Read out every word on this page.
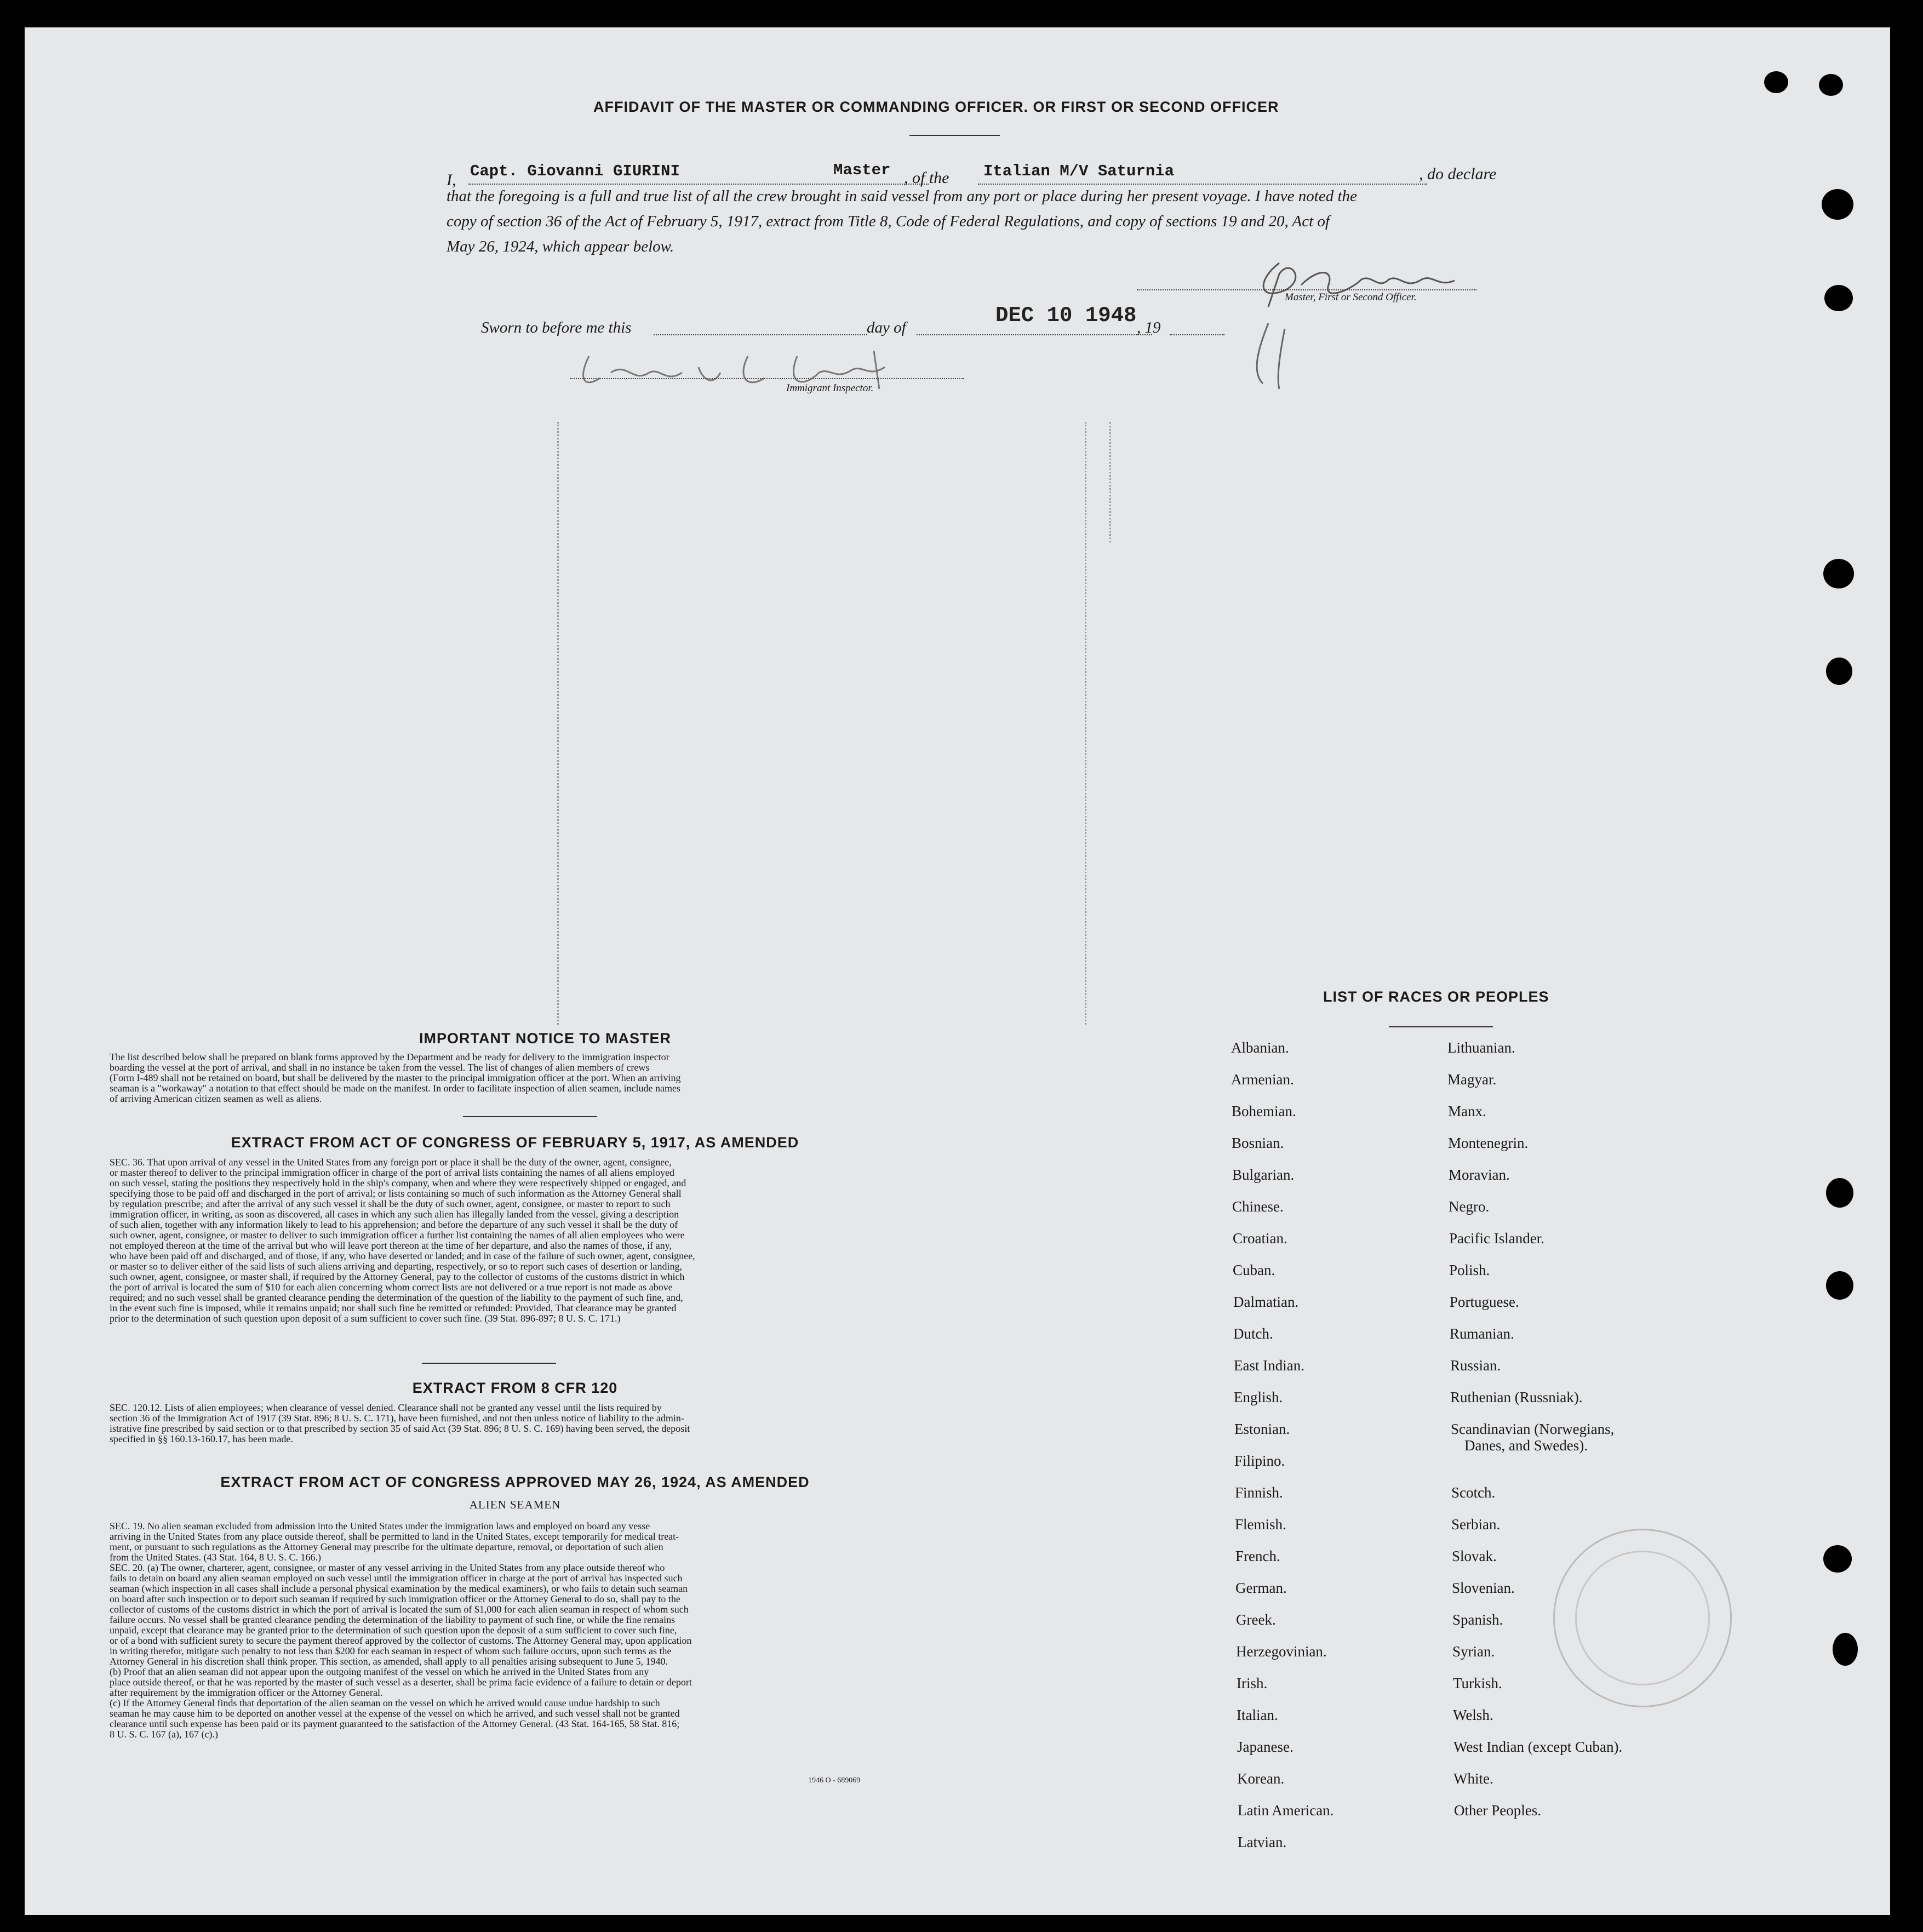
AFFIDAVIT OF THE MASTER OR COMMANDING OFFICER. OR FIRST OR SECOND OFFICER
I, Capt. Giovanni GIURINI	Master , of the Italian M/V Saturnia	, do declare
that the foregoing is a full and true list of all the crew brought in said vessel from any port or place during her present voyage. I have noted the
copy of section 36 of the Act of February 5, 1917, extract from Title 8, Code of Federal Regulations, and copy of sections 19 and 20, Act of
May 26, 1924, which appear below.
Master, First or Second Officer.
Sworn to before me this	day of	DEC 10 1948 , 19
Immigrant Inspector.
IMPORTANT NOTICE TO MASTER
The list described below shall be prepared on blank forms approved by the Department and be ready for delivery to the immigration inspector
boarding the vessel at the port of arrival, and shall in no instance be taken from the vessel. The list of changes of alien members of crews
(Form I-489 shall not be retained on board, but shall be delivered by the master to the principal immigration officer at the port. When an arriving
seaman is a "workaway" a notation to that effect should be made on the manifest. In order to facilitate inspection of alien seamen, include names
of arriving American citizen seamen as well as aliens.
EXTRACT FROM ACT OF CONGRESS OF FEBRUARY 5, 1917, AS AMENDED
SEC. 36. That upon arrival of any vessel in the United States from any foreign port or place it shall be the duty of the owner, agent, consignee,
or master thereof to deliver to the principal immigration officer in charge of the port of arrival lists containing the names of all aliens employed
on such vessel, stating the positions they respectively hold in the ship's company, when and where they were respectively shipped or engaged, and
specifying those to be paid off and discharged in the port of arrival; or lists containing so much of such information as the Attorney General shall
by regulation prescribe; and after the arrival of any such vessel it shall be the duty of such owner, agent, consignee, or master to report to such
immigration officer, in writing, as soon as discovered, all cases in which any such alien has illegally landed from the vessel, giving a description
of such alien, together with any information likely to lead to his apprehension; and before the departure of any such vessel it shall be the duty of
such owner, agent, consignee, or master to deliver to such immigration officer a further list containing the names of all alien employees who were
not employed thereon at the time of the arrival but who will leave port thereon at the time of her departure, and also the names of those, if any,
who have been paid off and discharged, and of those, if any, who have deserted or landed; and in case of the failure of such owner, agent, consignee,
or master so to deliver either of the said lists of such aliens arriving and departing, respectively, or so to report such cases of desertion or landing,
such owner, agent, consignee, or master shall, if required by the Attorney General, pay to the collector of customs of the customs district in which
the port of arrival is located the sum of $10 for each alien concerning whom correct lists are not delivered or a true report is not made as above
required; and no such vessel shall be granted clearance pending the determination of the question of the liability to the payment of such fine, and,
in the event such fine is imposed, while it remains unpaid; nor shall such fine be remitted or refunded: Provided, That clearance may be granted
prior to the determination of such question upon deposit of a sum sufficient to cover such fine. (39 Stat. 896-897; 8 U. S. C. 171.)
EXTRACT FROM 8 CFR 120
SEC. 120.12. Lists of alien employees; when clearance of vessel denied. Clearance shall not be granted any vessel until the lists required by
section 36 of the Immigration Act of 1917 (39 Stat. 896; 8 U. S. C. 171), have been furnished, and not then unless notice of liability to the admin-
istrative fine prescribed by said section or to that prescribed by section 35 of said Act (39 Stat. 896; 8 U. S. C. 169) having been served, the deposit
specified in §§ 160.13-160.17, has been made.
EXTRACT FROM ACT OF CONGRESS APPROVED MAY 26, 1924, AS AMENDED
ALIEN SEAMEN
SEC. 19. No alien seaman excluded from admission into the United States under the immigration laws and employed on board any vesse
arriving in the United States from any place outside thereof, shall be permitted to land in the United States, except temporarily for medical treat-
ment, or pursuant to such regulations as the Attorney General may prescribe for the ultimate departure, removal, or deportation of such alien
from the United States. (43 Stat. 164, 8 U. S. C. 166.)
SEC. 20. (a) The owner, charterer, agent, consignee, or master of any vessel arriving in the United States from any place outside thereof who
fails to detain on board any alien seaman employed on such vessel until the immigration officer in charge at the port of arrival has inspected such
seaman (which inspection in all cases shall include a personal physical examination by the medical examiners), or who fails to detain such seaman
on board after such inspection or to deport such seaman if required by such immigration officer or the Attorney General to do so, shall pay to the
collector of customs of the customs district in which the port of arrival is located the sum of $1,000 for each alien seaman in respect of whom such
failure occurs. No vessel shall be granted clearance pending the determination of the liability to payment of such fine, or while the fine remains
unpaid, except that clearance may be granted prior to the determination of such question upon the deposit of a sum sufficient to cover such fine,
or of a bond with sufficient surety to secure the payment thereof approved by the collector of customs. The Attorney General may, upon application
in writing therefor, mitigate such penalty to not less than $200 for each seaman in respect of whom such failure occurs, upon such terms as the
Attorney General in his discretion shall think proper. This section, as amended, shall apply to all penalties arising subsequent to June 5, 1940.
(b) Proof that an alien seaman did not appear upon the outgoing manifest of the vessel on which he arrived in the United States from any
place outside thereof, or that he was reported by the master of such vessel as a deserter, shall be prima facie evidence of a failure to detain or deport
after requirement by the immigration officer or the Attorney General.
(c) If the Attorney General finds that deportation of the alien seaman on the vessel on which he arrived would cause undue hardship to such
seaman he may cause him to be deported on another vessel at the expense of the vessel on which he arrived, and such vessel shall not be granted
clearance until such expense has been paid or its payment guaranteed to the satisfaction of the Attorney General. (43 Stat. 164-165, 58 Stat. 816;
8 U. S. C. 167 (a), 167 (c).)
1946 O - 689069
LIST OF RACES OR PEOPLES
Albanian.
Armenian.
Bohemian.
Bosnian.
Bulgarian.
Chinese.
Croatian.
Cuban.
Dalmatian.
Dutch.
East Indian.
English.
Estonian.
Filipino.
Finnish.
Flemish.
French.
German.
Greek.
Herzegovinian.
Irish.
Italian.
Japanese.
Korean.
Latin American.
Latvian.
Lithuanian.
Magyar.
Manx.
Montenegrin.
Moravian.
Negro.
Pacific Islander.
Polish.
Portuguese.
Rumanian.
Russian.
Ruthenian (Russniak).
Scandinavian (Norwegians,
Danes, and Swedes).
Scotch.
Serbian.
Slovak.
Slovenian.
Spanish.
Syrian.
Turkish.
Welsh.
West Indian (except Cuban).
White.
Other Peoples.
